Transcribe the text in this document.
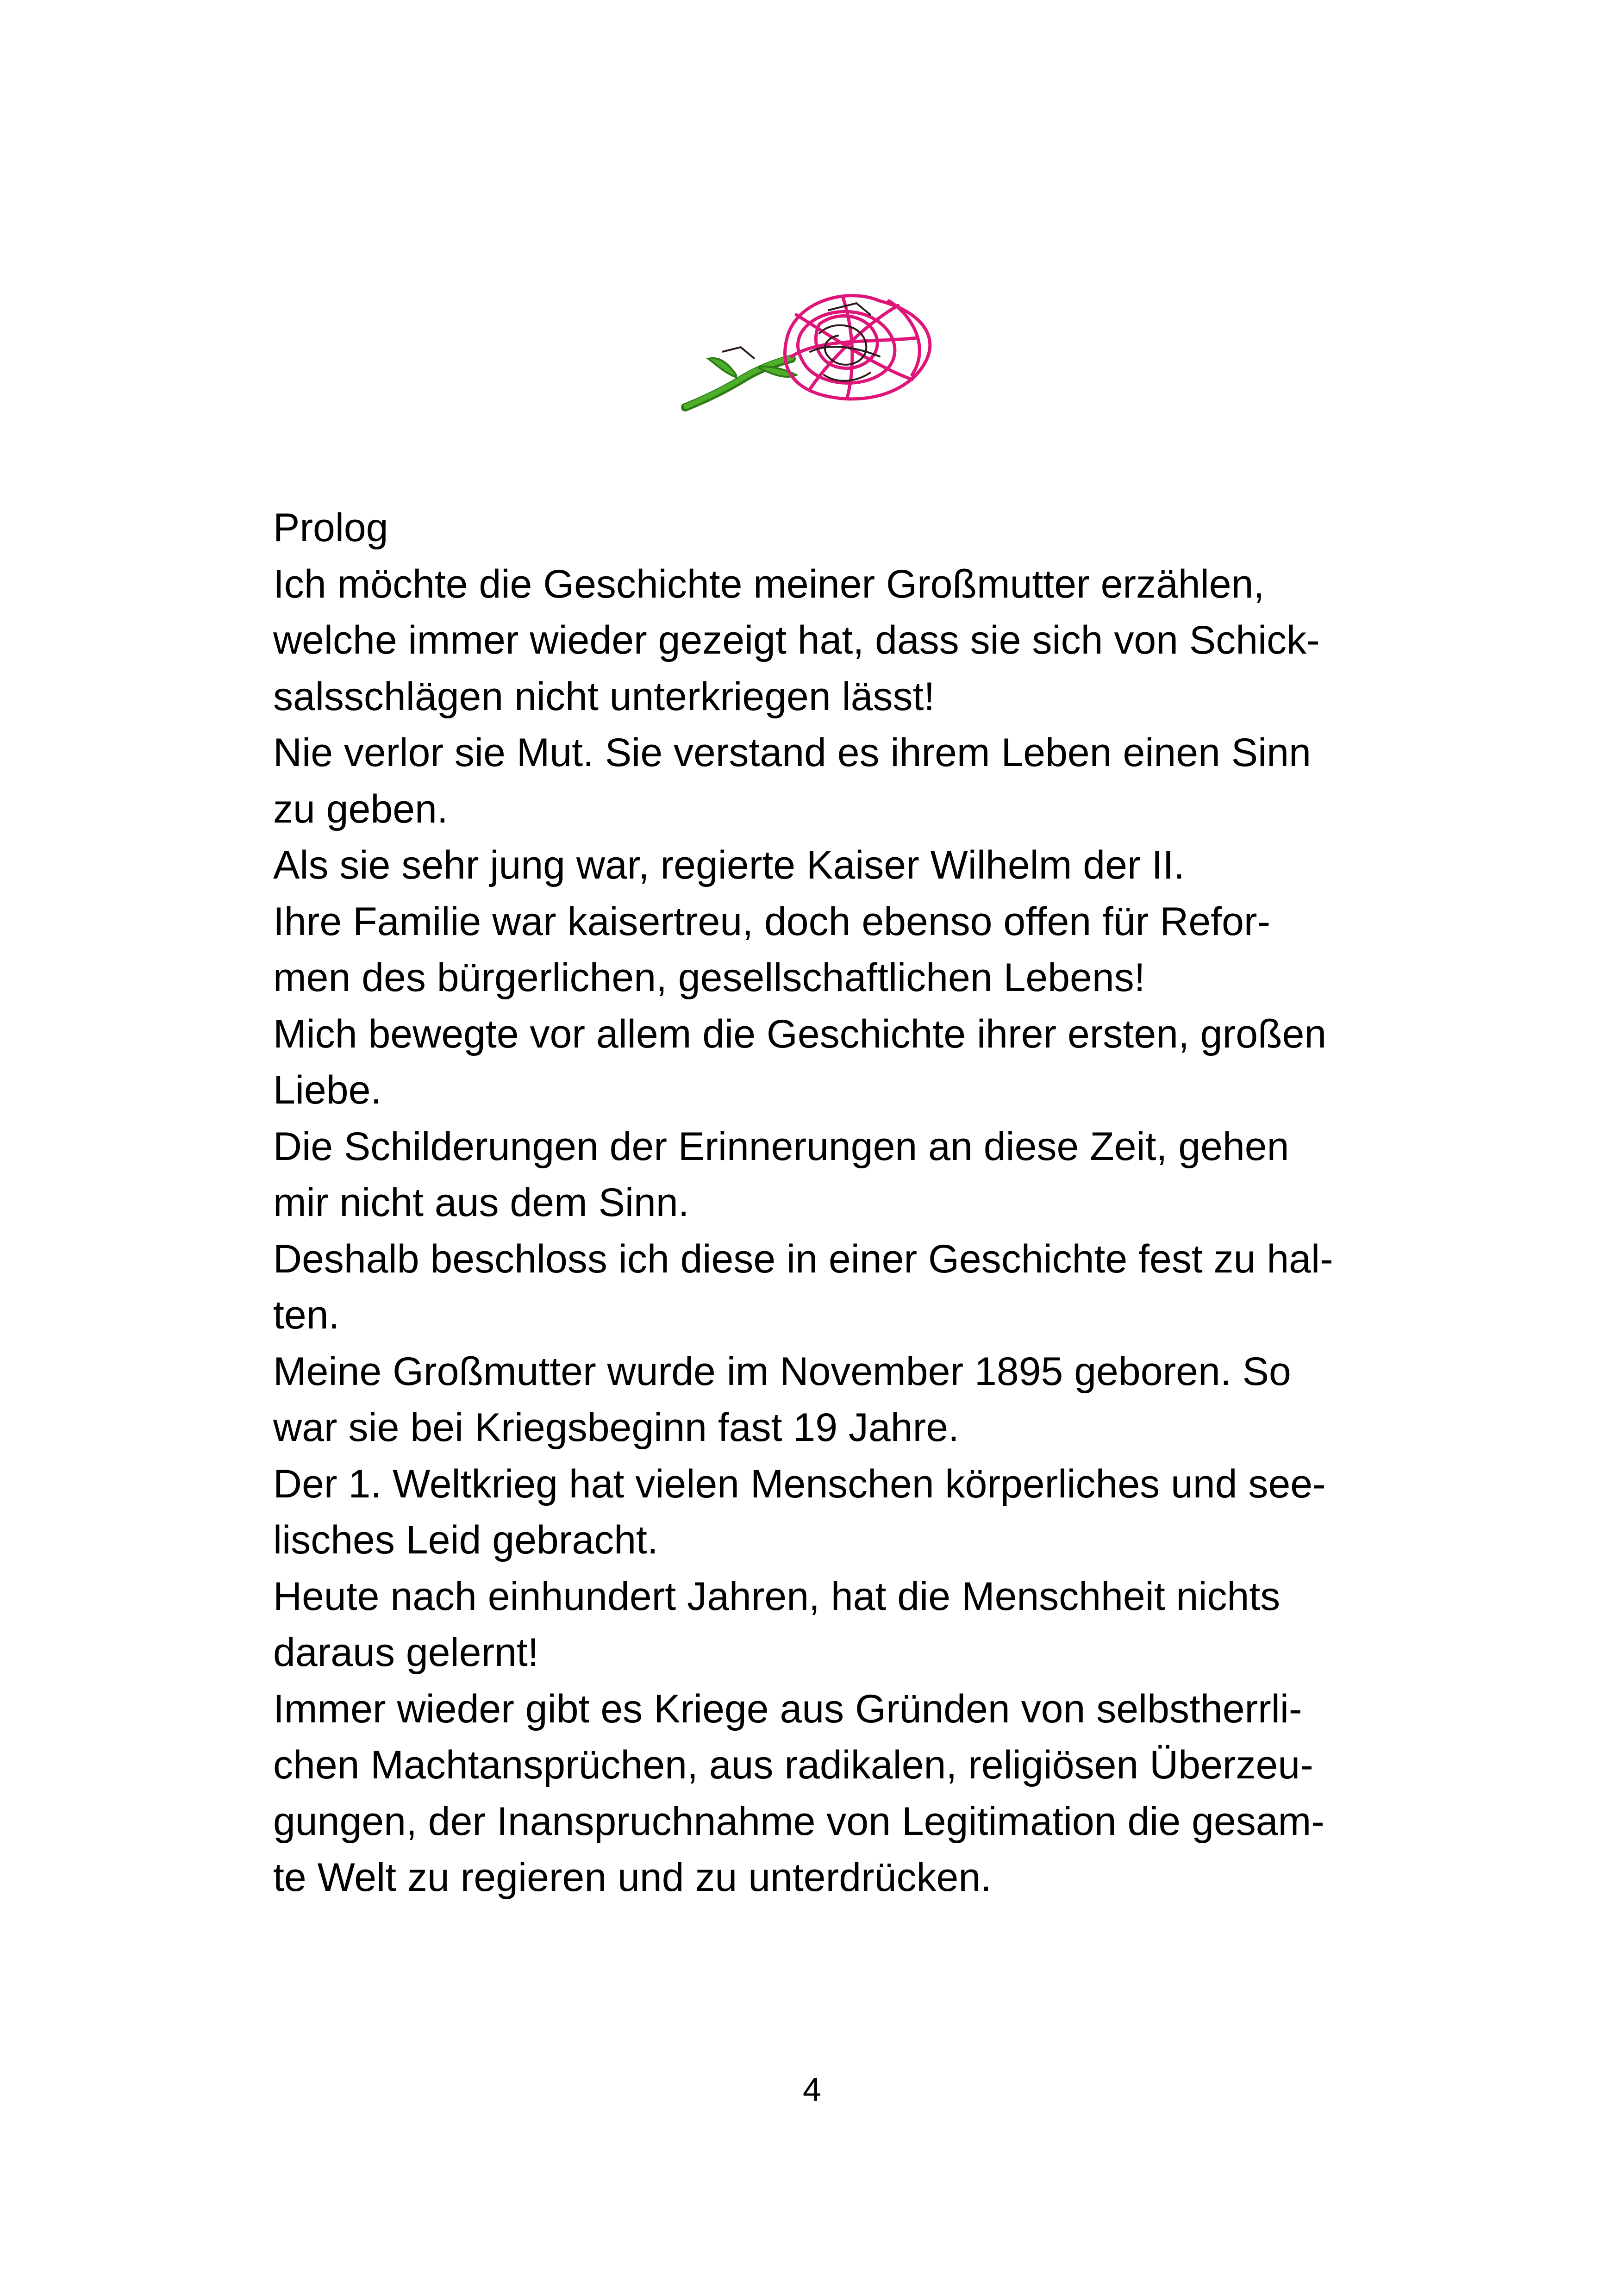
Prolog
Ich möchte die Geschichte meiner Großmutter erzählen,
welche immer wieder gezeigt hat, dass sie sich von Schick-
salsschlägen nicht unterkriegen lässt!
Nie verlor sie Mut. Sie verstand es ihrem Leben einen Sinn
zu geben.
Als sie sehr jung war, regierte Kaiser Wilhelm der II.
Ihre Familie war kaisertreu, doch ebenso offen für Refor-
men des bürgerlichen, gesellschaftlichen Lebens!
Mich bewegte vor allem die Geschichte ihrer ersten, großen
Liebe.
Die Schilderungen der Erinnerungen an diese Zeit, gehen
mir nicht aus dem Sinn.
Deshalb beschloss ich diese in einer Geschichte fest zu hal-
ten.
Meine Großmutter wurde im November 1895 geboren. So
war sie bei Kriegsbeginn fast 19 Jahre.
Der 1. Weltkrieg hat vielen Menschen körperliches und see-
lisches Leid gebracht.
Heute nach einhundert Jahren, hat die Menschheit nichts
daraus gelernt!
Immer wieder gibt es Kriege aus Gründen von selbstherrli-
chen Machtansprüchen, aus radikalen, religiösen Überzeu-
gungen, der Inanspruchnahme von Legitimation die gesam-
te Welt zu regieren und zu unterdrücken.
4
